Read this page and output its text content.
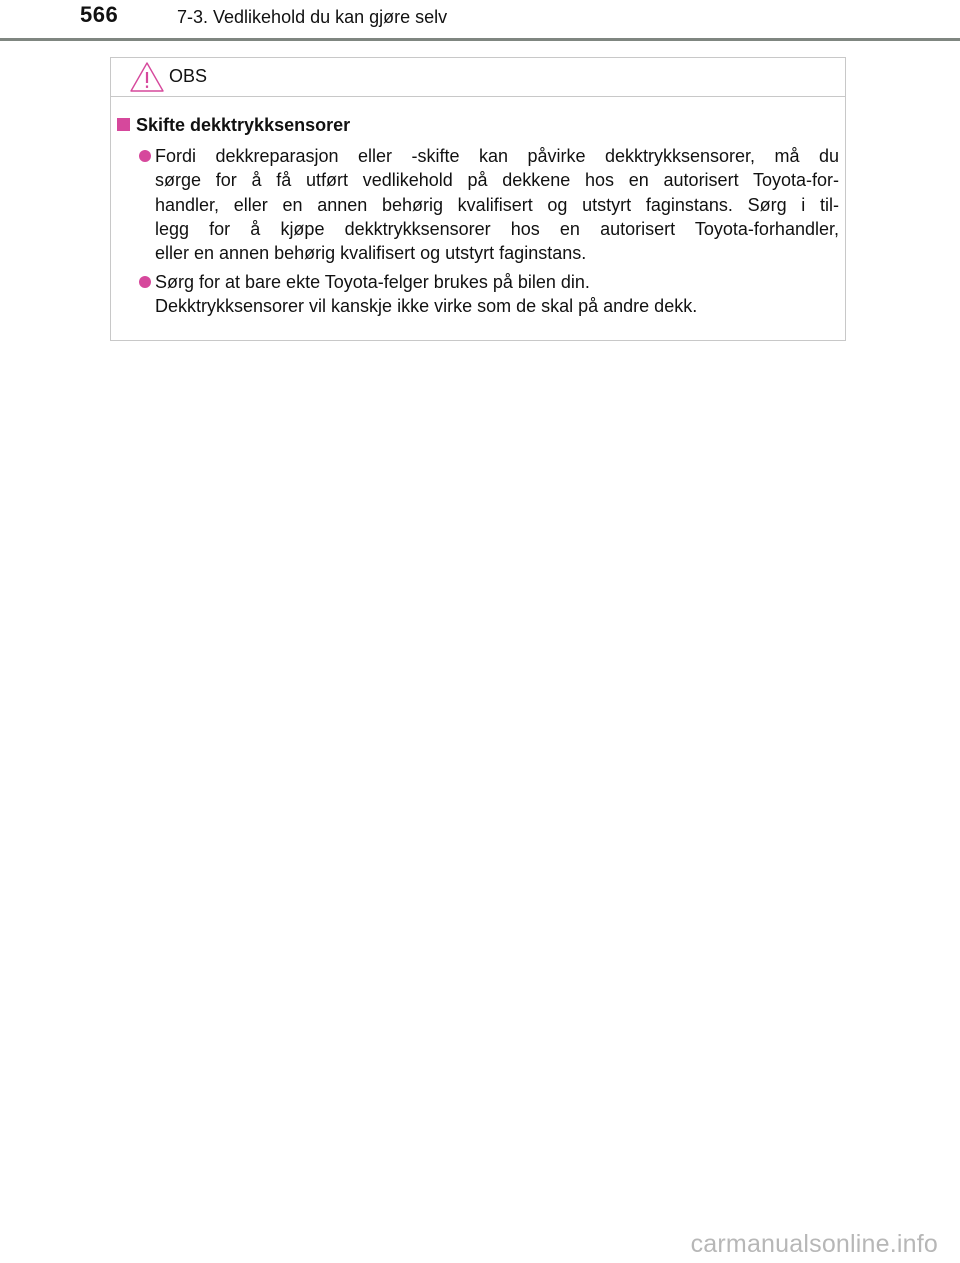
566	7-3. Vedlikehold du kan gjøre selv
OBS
Skifte dekktrykksensorer
Fordi dekkreparasjon eller -skifte kan påvirke dekktrykksensorer, må du
sørge for å få utført vedlikehold på dekkene hos en autorisert Toyota-for-
handler, eller en annen behørig kvalifisert og utstyrt faginstans. Sørg i til-
legg for å kjøpe dekktrykksensorer hos en autorisert Toyota-forhandler,
eller en annen behørig kvalifisert og utstyrt faginstans.
Sørg for at bare ekte Toyota-felger brukes på bilen din.
Dekktrykksensorer vil kanskje ikke virke som de skal på andre dekk.
carmanualsonline.info
